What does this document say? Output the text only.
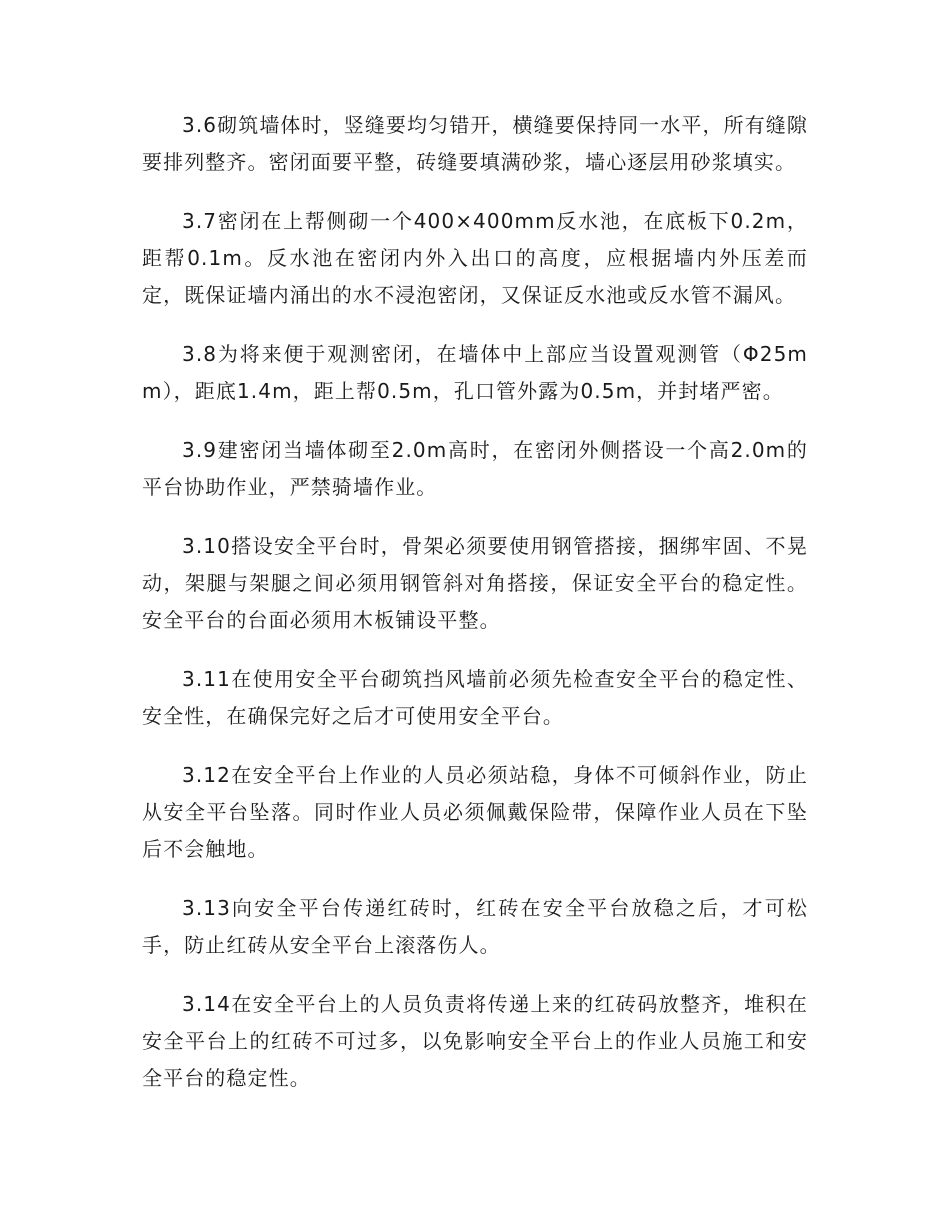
3.6砌筑墙体时，竖缝要均匀错开，横缝要保持同一水平，所有缝隙要排列整齐。密闭面要平整，砖缝要填满砂浆，墙心逐层用砂浆填实。

3.7密闭在上帮侧砌一个400×400mm反水池，在底板下0.2m，距帮0.1m。反水池在密闭内外入出口的高度，应根据墙内外压差而定，既保证墙内涌出的水不浸泡密闭，又保证反水池或反水管不漏风。

3.8为将来便于观测密闭，在墙体中上部应当设置观测管（Φ25mm），距底1.4m，距上帮0.5m，孔口管外露为0.5m，并封堵严密。

3.9建密闭当墙体砌至2.0m高时，在密闭外侧搭设一个高2.0m的平台协助作业，严禁骑墙作业。

3.10搭设安全平台时，骨架必须要使用钢管搭接，捆绑牢固、不晃动，架腿与架腿之间必须用钢管斜对角搭接，保证安全平台的稳定性。安全平台的台面必须用木板铺设平整。

3.11在使用安全平台砌筑挡风墙前必须先检查安全平台的稳定性、安全性，在确保完好之后才可使用安全平台。

3.12在安全平台上作业的人员必须站稳，身体不可倾斜作业，防止从安全平台坠落。同时作业人员必须佩戴保险带，保障作业人员在下坠后不会触地。

3.13向安全平台传递红砖时，红砖在安全平台放稳之后，才可松手，防止红砖从安全平台上滚落伤人。

3.14在安全平台上的人员负责将传递上来的红砖码放整齐，堆积在安全平台上的红砖不可过多，以免影响安全平台上的作业人员施工和安全平台的稳定性。
